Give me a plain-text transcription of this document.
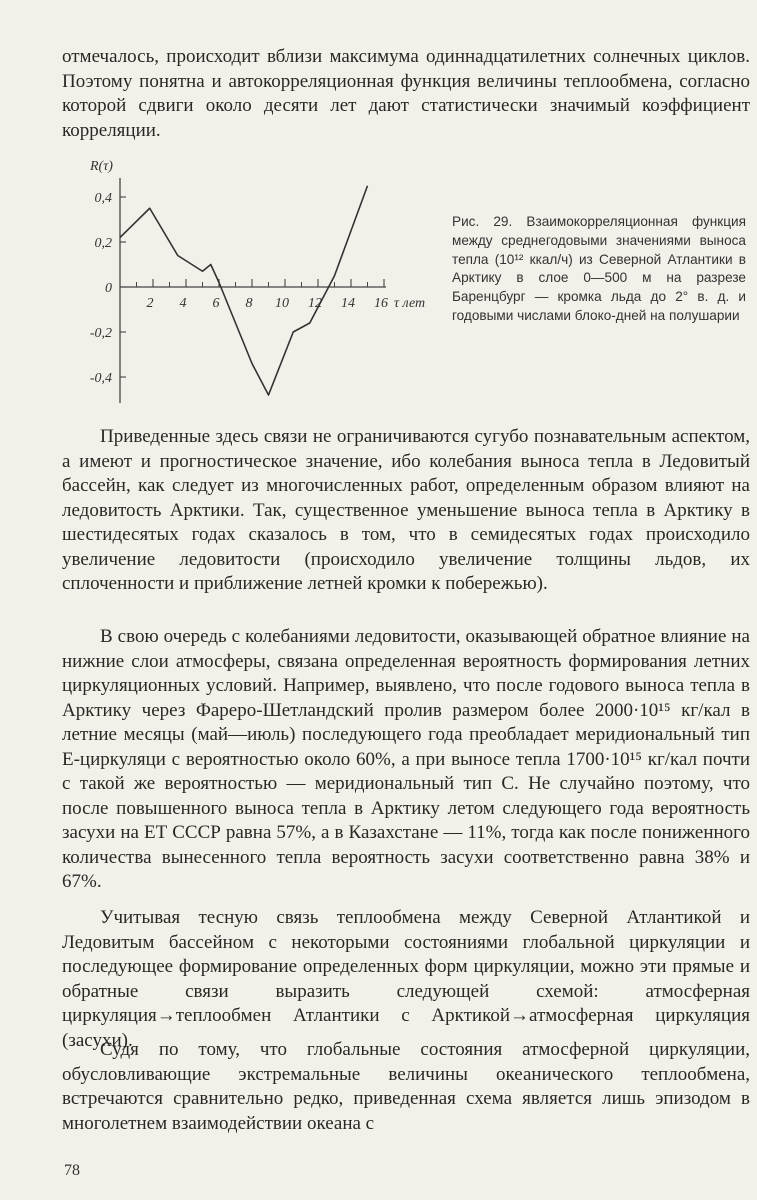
отмечалось, происходит вблизи максимума одиннадцатилетних солнечных циклов. Поэтому понятна и автокорреляционная функция величины теплообмена, согласно которой сдвиги около десяти лет дают статистически значимый коэффициент корреляции.

R(τ)
0,4
0,2
0
-0,2
-0,4
2 4 6 8 10 12 14 16 τ лет

Рис. 29. Взаимокорреляционная функция между среднегодовыми значениями выноса тепла (10¹² ккал/ч) из Северной Атлантики в Арктику в слое 0—500 м на разрезе Баренцбург — кромка льда до 2° в. д. и годовыми числами блоко-дней на полушарии

Приведенные здесь связи не ограничиваются сугубо познавательным аспектом, а имеют и прогностическое значение, ибо колебания выноса тепла в Ледовитый бассейн, как следует из многочисленных работ, определенным образом влияют на ледовитость Арктики. Так, существенное уменьшение выноса тепла в Арктику в шестидесятых годах сказалось в том, что в семидесятых годах происходило увеличение ледовитости (происходило увеличение толщины льдов, их сплоченности и приближение летней кромки к побережью).

В свою очередь с колебаниями ледовитости, оказывающей обратное влияние на нижние слои атмосферы, связана определенная вероятность формирования летних циркуляционных условий. Например, выявлено, что после годового выноса тепла в Арктику через Фареро-Шетландский пролив размером более 2000·10¹⁵ кг/кал в летние месяцы (май—июль) последующего года преобладает меридиональный тип Е-циркуляци с вероятностью около 60%, а при выносе тепла 1700·10¹⁵ кг/кал почти с такой же вероятностью — меридиональный тип С. Не случайно поэтому, что после повышенного выноса тепла в Арктику летом следующего года вероятность засухи на ЕТ СССР равна 57%, а в Казахстане — 11%, тогда как после пониженного количества вынесенного тепла вероятность засухи соответственно равна 38% и 67%.

Учитывая тесную связь теплообмена между Северной Атлантикой и Ледовитым бассейном с некоторыми состояниями глобальной циркуляции и последующее формирование определенных форм циркуляции, можно эти прямые и обратные связи выразить следующей схемой: атмосферная циркуляция→теплообмен Атлантики с Арктикой→атмосферная циркуляция (засухи).

Судя по тому, что глобальные состояния атмосферной циркуляции, обусловливающие экстремальные величины океанического теплообмена, встречаются сравнительно редко, приведенная схема является лишь эпизодом в многолетнем взаимодействии океана с

78
